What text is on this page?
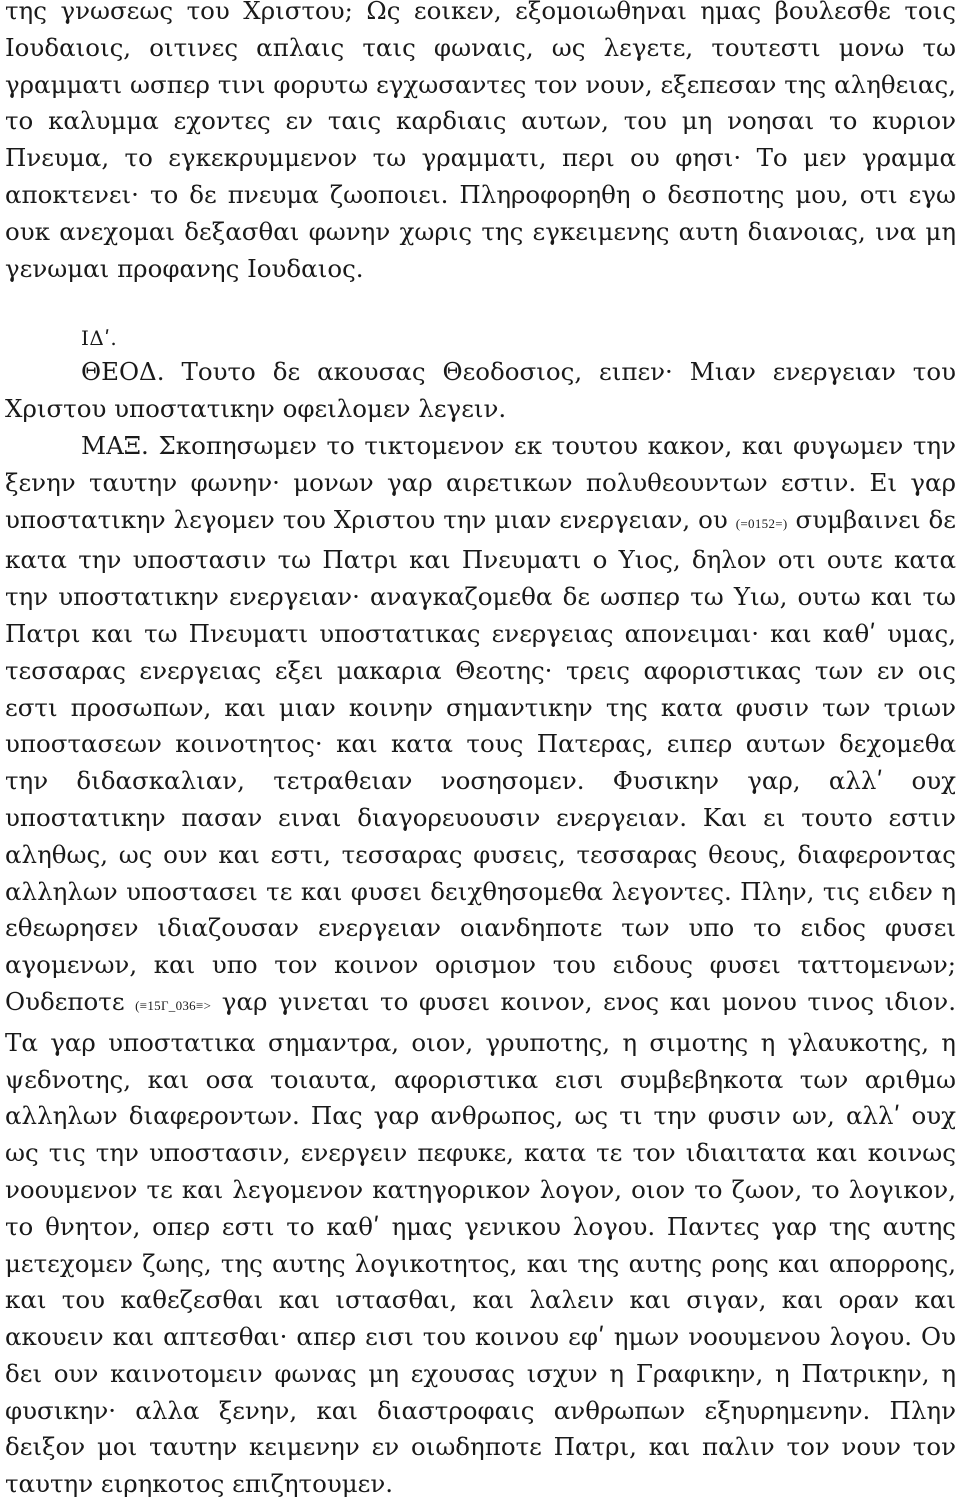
της γνωσεως του Χριστου; Ως εοικεν, εξομοιωθηναι ημας βουλεσθε τοις Ιουδαιοις, οιτινες απλαις ταις φωναις, ως λεγετε, τουτεστι μονω τω γραμματι ωσπερ τινι φορυτω εγχωσαντες τον νουν, εξεπεσαν της αληθειας, το καλυμμα εχοντες εν ταις καρδιαις αυτων, του μη νοησαι το κυριον Πνευμα, το εγκεκρυμμενον τω γραμματι, περι ου φησι· Το μεν γραμμα αποκτενει· το δε πνευμα ζωοποιει. Πληροφορηθη ο δεσποτης μου, οτι εγω ουκ ανεχομαι δεξασθαι φωνην χωρις της εγκειμενης αυτη διανοιας, ινα μη γενωμαι προφανης Ιουδαιος.

ΙΔʹ.

ΘΕΟΔ. Τουτο δε ακουσας Θεοδοσιος, ειπεν· Μιαν ενεργειαν του Χριστου υποστατικην οφειλομεν λεγειν.

ΜΑΞ. Σκοπησωμεν το τικτομενον εκ τουτου κακον, και φυγωμεν την ξενην ταυτην φωνην· μονων γαρ αιρετικων πολυθεουντων εστιν. Ει γαρ υποστατικην λεγομεν του Χριστου την μιαν ενεργειαν, ου (=0152=) συμβαινει δε κατα την υποστασιν τω Πατρι και Πνευματι ο Υιος, δηλον οτι ουτε κατα την υποστατικην ενεργειαν· αναγκαζομεθα δε ωσπερ τω Υιω, ουτω και τω Πατρι και τω Πνευματι υποστατικας ενεργειας απονειμαι· και καθʹ υμας, τεσσαρας ενεργειας εξει μακαρια Θεοτης· τρεις αφοριστικας των εν οις εστι προσωπων, και μιαν κοινην σημαντικην της κατα φυσιν των τριων υποστασεων κοινοτητος· και κατα τους Πατερας, ειπερ αυτων δεχομεθα την διδασκαλιαν, τετραθειαν νοσησομεν. Φυσικην γαρ, αλλʹ ουχ υποστατικην πασαν ειναι διαγορευουσιν ενεργειαν. Και ει τουτο εστιν αληθως, ως ουν και εστι, τεσσαρας φυσεις, τεσσαρας θεους, διαφεροντας αλληλων υποστασει τε και φυσει δειχθησομεθα λεγοντες. Πλην, τις ειδεν η εθεωρησεν ιδιαζουσαν ενεργειαν οιανδηποτε των υπο το ειδος φυσει αγομενων, και υπο τον κοινον ορισμον του ειδους φυσει ταττομενων; Ουδεποτε (≡15Γ_036≡> γαρ γινεται το φυσει κοινον, ενος και μονου τινος ιδιον. Τα γαρ υποστατικα σημαντρα, οιον, γρυποτης, η σιμοτης η γλαυκοτης, η ψεδνοτης, και οσα τοιαυτα, αφοριστικα εισι συμβεβηκοτα των αριθμω αλληλων διαφεροντων. Πας γαρ ανθρωπος, ως τι την φυσιν ων, αλλʹ ουχ ως τις την υποστασιν, ενεργειν πεφυκε, κατα τε τον ιδιαιτατα και κοινως νοουμενον τε και λεγομενον κατηγορικον λογον, οιον το ζωον, το λογικον, το θνητον, οπερ εστι το καθʹ ημας γενικου λογου. Παντες γαρ της αυτης μετεχομεν ζωης, της αυτης λογικοτητος, και της αυτης ροης και απορροης, και του καθεζεσθαι και ιστασθαι, και λαλειν και σιγαν, και οραν και ακουειν και απτεσθαι· απερ εισι του κοινου εφʹ ημων νοουμενου λογου. Ου δει ουν καινοτομειν φωνας μη εχουσας ισχυν η Γραφικην, η Πατρικην, η φυσικην· αλλα ξενην, και διαστροφαις ανθρωπων εξηυρημενην. Πλην δειξον μοι ταυτην κειμενην εν οιωδηποτε Πατρι, και παλιν τον νουν τον ταυτην ειρηκοτος επιζητουμεν.
